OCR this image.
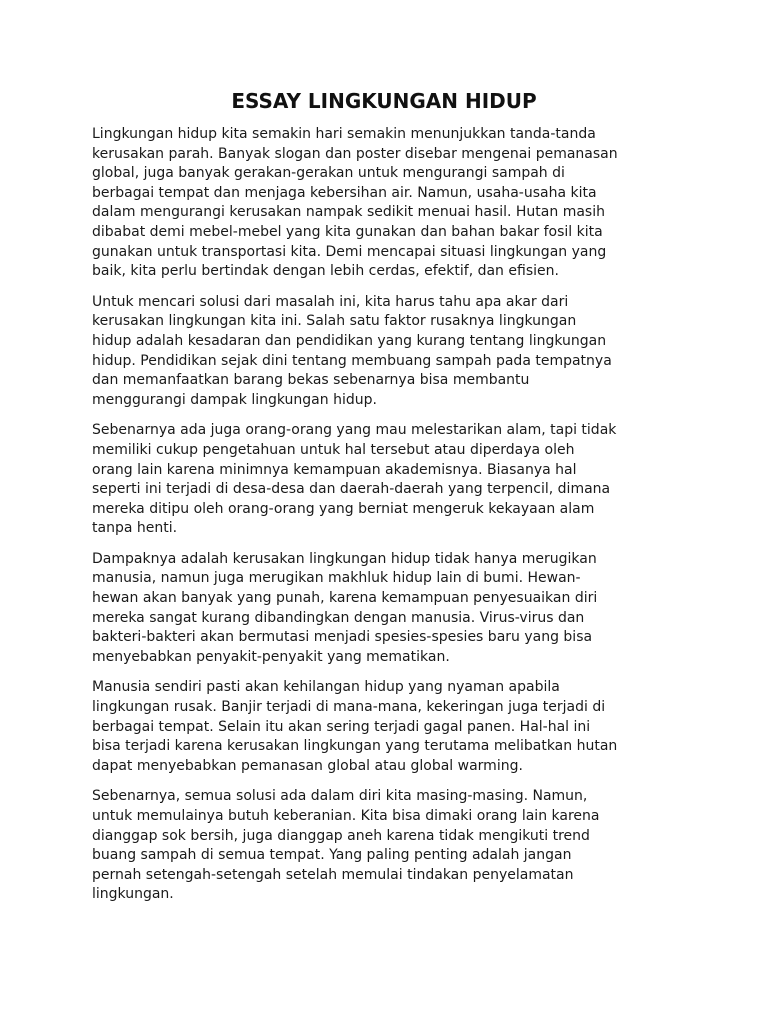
ESSAY LINGKUNGAN HIDUP

Lingkungan hidup kita semakin hari semakin menunjukkan tanda-tanda
kerusakan parah. Banyak slogan dan poster disebar mengenai pemanasan
global, juga banyak gerakan-gerakan untuk mengurangi sampah di
berbagai tempat dan menjaga kebersihan air. Namun, usaha-usaha kita
dalam mengurangi kerusakan nampak sedikit menuai hasil. Hutan masih
dibabat demi mebel-mebel yang kita gunakan dan bahan bakar fosil kita
gunakan untuk transportasi kita. Demi mencapai situasi lingkungan yang
baik, kita perlu bertindak dengan lebih cerdas, efektif, dan efisien.

Untuk mencari solusi dari masalah ini, kita harus tahu apa akar dari
kerusakan lingkungan kita ini. Salah satu faktor rusaknya lingkungan
hidup adalah kesadaran dan pendidikan yang kurang tentang lingkungan
hidup. Pendidikan sejak dini tentang membuang sampah pada tempatnya
dan memanfaatkan barang bekas sebenarnya bisa membantu
menggurangi dampak lingkungan hidup.

Sebenarnya ada juga orang-orang yang mau melestarikan alam, tapi tidak
memiliki cukup pengetahuan untuk hal tersebut atau diperdaya oleh
orang lain karena minimnya kemampuan akademisnya. Biasanya hal
seperti ini terjadi di desa-desa dan daerah-daerah yang terpencil, dimana
mereka ditipu oleh orang-orang yang berniat mengeruk kekayaan alam
tanpa henti.

Dampaknya adalah kerusakan lingkungan hidup tidak hanya merugikan
manusia, namun juga merugikan makhluk hidup lain di bumi. Hewan-
hewan akan banyak yang punah, karena kemampuan penyesuaikan diri
mereka sangat kurang dibandingkan dengan manusia. Virus-virus dan
bakteri-bakteri akan bermutasi menjadi spesies-spesies baru yang bisa
menyebabkan penyakit-penyakit yang mematikan.

Manusia sendiri pasti akan kehilangan hidup yang nyaman apabila
lingkungan rusak. Banjir terjadi di mana-mana, kekeringan juga terjadi di
berbagai tempat. Selain itu akan sering terjadi gagal panen. Hal-hal ini
bisa terjadi karena kerusakan lingkungan yang terutama melibatkan hutan
dapat menyebabkan pemanasan global atau global warming.

Sebenarnya, semua solusi ada dalam diri kita masing-masing. Namun,
untuk memulainya butuh keberanian. Kita bisa dimaki orang lain karena
dianggap sok bersih, juga dianggap aneh karena tidak mengikuti trend
buang sampah di semua tempat. Yang paling penting adalah jangan
pernah setengah-setengah setelah memulai tindakan penyelamatan
lingkungan.
